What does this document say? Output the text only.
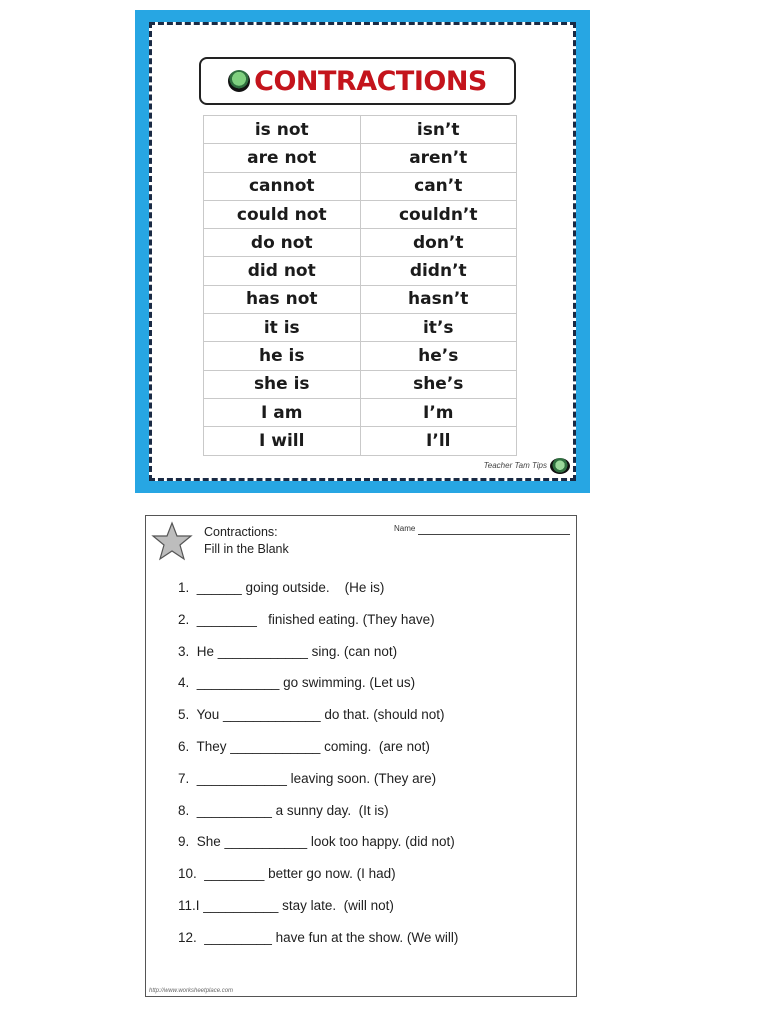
CONTRACTIONS
is not	isn’t
are not	aren’t
cannot	can’t
could not	couldn’t
do not	don’t
did not	didn’t
has not	hasn’t
it is	it’s
he is	he’s
she is	she’s
I am	I’m
I will	I’ll
Teacher Tam Tips
Contractions:
Fill in the Blank
Name
1.  ______ going outside.    (He is)
2.  ________   finished eating. (They have)
3.  He ____________ sing. (can not)
4.  ___________ go swimming. (Let us)
5.  You _____________ do that. (should not)
6.  They ____________ coming.  (are not)
7.  ____________ leaving soon. (They are)
8.  __________ a sunny day.  (It is)
9.  She ___________ look too happy. (did not)
10.  ________ better go now. (I had)
11.I __________ stay late.  (will not)
12.  _________ have fun at the show. (We will)
http://www.worksheetplace.com
